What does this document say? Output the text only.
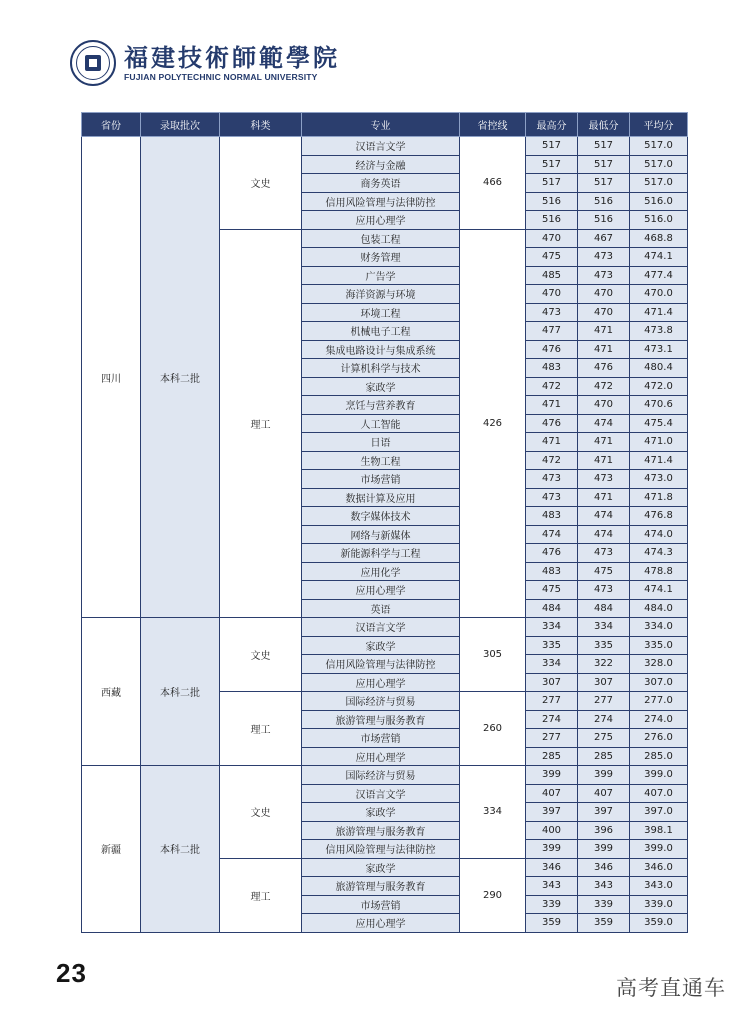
福建技術師範學院
FUJIAN POLYTECHNIC NORMAL UNIVERSITY
省份	录取批次	科类	专业	省控线	最高分	最低分	平均分
四川	本科二批	文史	汉语言文学	466	517	517	517.0
			经济与金融		517	517	517.0
			商务英语		517	517	517.0
			信用风险管理与法律防控		516	516	516.0
			应用心理学		516	516	516.0
		理工	包装工程	426	470	467	468.8
			财务管理		475	473	474.1
			广告学		485	473	477.4
			海洋资源与环境		470	470	470.0
			环境工程		473	470	471.4
			机械电子工程		477	471	473.8
			集成电路设计与集成系统		476	471	473.1
			计算机科学与技术		483	476	480.4
			家政学		472	472	472.0
			烹饪与营养教育		471	470	470.6
			人工智能		476	474	475.4
			日语		471	471	471.0
			生物工程		472	471	471.4
			市场营销		473	473	473.0
			数据计算及应用		473	471	471.8
			数字媒体技术		483	474	476.8
			网络与新媒体		474	474	474.0
			新能源科学与工程		476	473	474.3
			应用化学		483	475	478.8
			应用心理学		475	473	474.1
			英语		484	484	484.0
西藏	本科二批	文史	汉语言文学	305	334	334	334.0
			家政学		335	335	335.0
			信用风险管理与法律防控		334	322	328.0
			应用心理学		307	307	307.0
		理工	国际经济与贸易	260	277	277	277.0
			旅游管理与服务教育		274	274	274.0
			市场营销		277	275	276.0
			应用心理学		285	285	285.0
新疆	本科二批	文史	国际经济与贸易	334	399	399	399.0
			汉语言文学		407	407	407.0
			家政学		397	397	397.0
			旅游管理与服务教育		400	396	398.1
			信用风险管理与法律防控		399	399	399.0
		理工	家政学	290	346	346	346.0
			旅游管理与服务教育		343	343	343.0
			市场营销		339	339	339.0
			应用心理学		359	359	359.0
23	高考直通车
